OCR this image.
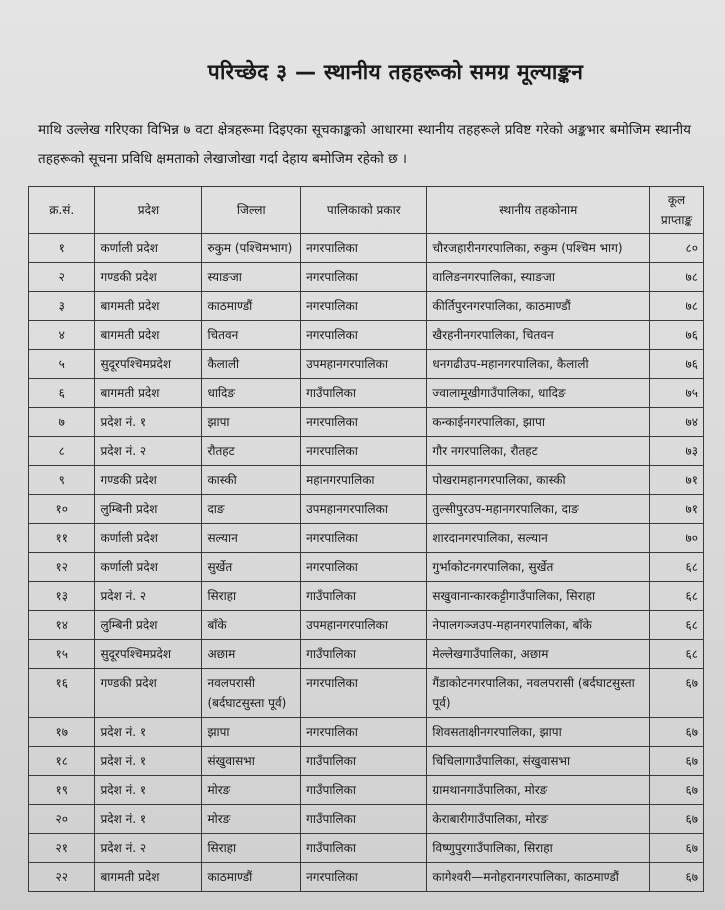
परिच्छेद ३ — स्थानीय तहहरूको समग्र मूल्याङ्कन

माथि उल्लेख गरिएका विभिन्न ७ वटा क्षेत्रहरूमा दिइएका सूचकाङ्कको आधारमा स्थानीय तहहरूले प्रविष्ट गरेको अङ्कभार बमोजिम स्थानीय तहहरूको सूचना प्रविधि क्षमताको लेखाजोखा गर्दा देहाय बमोजिम रहेको छ ।

क्र.सं.	प्रदेश	जिल्ला	पालिकाको प्रकार	स्थानीय तहकोनाम	कूल प्राप्ताङ्क
१	कर्णाली प्रदेश	रुकुम (पश्चिमभाग)	नगरपालिका	चौरजहारीनगरपालिका, रुकुम (पश्चिम भाग)	८०
२	गण्डकी प्रदेश	स्याङजा	नगरपालिका	वालिङनगरपालिका, स्याङजा	७८
३	बागमती प्रदेश	काठमाण्डौं	नगरपालिका	कीर्तिपुरनगरपालिका, काठमाण्डौं	७८
४	बागमती प्रदेश	चितवन	नगरपालिका	खैरहनीनगरपालिका, चितवन	७६
५	सुदूरपश्चिमप्रदेश	कैलाली	उपमहानगरपालिका	धनगढीउप-महानगरपालिका, कैलाली	७६
६	बागमती प्रदेश	धादिङ	गाउँपालिका	ज्वालामूखीगाउँपालिका, धादिङ	७५
७	प्रदेश नं. १	झापा	नगरपालिका	कन्काईनगरपालिका, झापा	७४
८	प्रदेश नं. २	रौतहट	नगरपालिका	गौर नगरपालिका, रौतहट	७३
९	गण्डकी प्रदेश	कास्की	महानगरपालिका	पोखरामहानगरपालिका, कास्की	७१
१०	लुम्बिनी प्रदेश	दाङ	उपमहानगरपालिका	तुल्सीपुरउप-महानगरपालिका, दाङ	७१
११	कर्णाली प्रदेश	सल्यान	नगरपालिका	शारदानगरपालिका, सल्यान	७०
१२	कर्णाली प्रदेश	सुर्खेत	नगरपालिका	गुर्भाकोटनगरपालिका, सुर्खेत	६८
१३	प्रदेश नं. २	सिराहा	गाउँपालिका	सखुवानान्कारकट्टीगाउँपालिका, सिराहा	६८
१४	लुम्बिनी प्रदेश	बाँके	उपमहानगरपालिका	नेपालगञ्जउप-महानगरपालिका, बाँके	६८
१५	सुदूरपश्चिमप्रदेश	अछाम	गाउँपालिका	मेल्लेखगाउँपालिका, अछाम	६८
१६	गण्डकी प्रदेश	नवलपरासी (बर्दघाटसुस्ता पूर्व)	नगरपालिका	गैंडाकोटनगरपालिका, नवलपरासी (बर्दघाटसुस्ता पूर्व)	६७
१७	प्रदेश नं. १	झापा	नगरपालिका	शिवसताक्षीनगरपालिका, झापा	६७
१८	प्रदेश नं. १	संखुवासभा	गाउँपालिका	चिचिलागाउँपालिका, संखुवासभा	६७
१९	प्रदेश नं. १	मोरङ	गाउँपालिका	ग्रामथानगाउँपालिका, मोरङ	६७
२०	प्रदेश नं. १	मोरङ	गाउँपालिका	केराबारीगाउँपालिका, मोरङ	६७
२१	प्रदेश नं. २	सिराहा	गाउँपालिका	विष्णुपुरगाउँपालिका, सिराहा	६७
२२	बागमती प्रदेश	काठमाण्डौं	नगरपालिका	कागेश्वरी—मनोहरानगरपालिका, काठमाण्डौं	६७
